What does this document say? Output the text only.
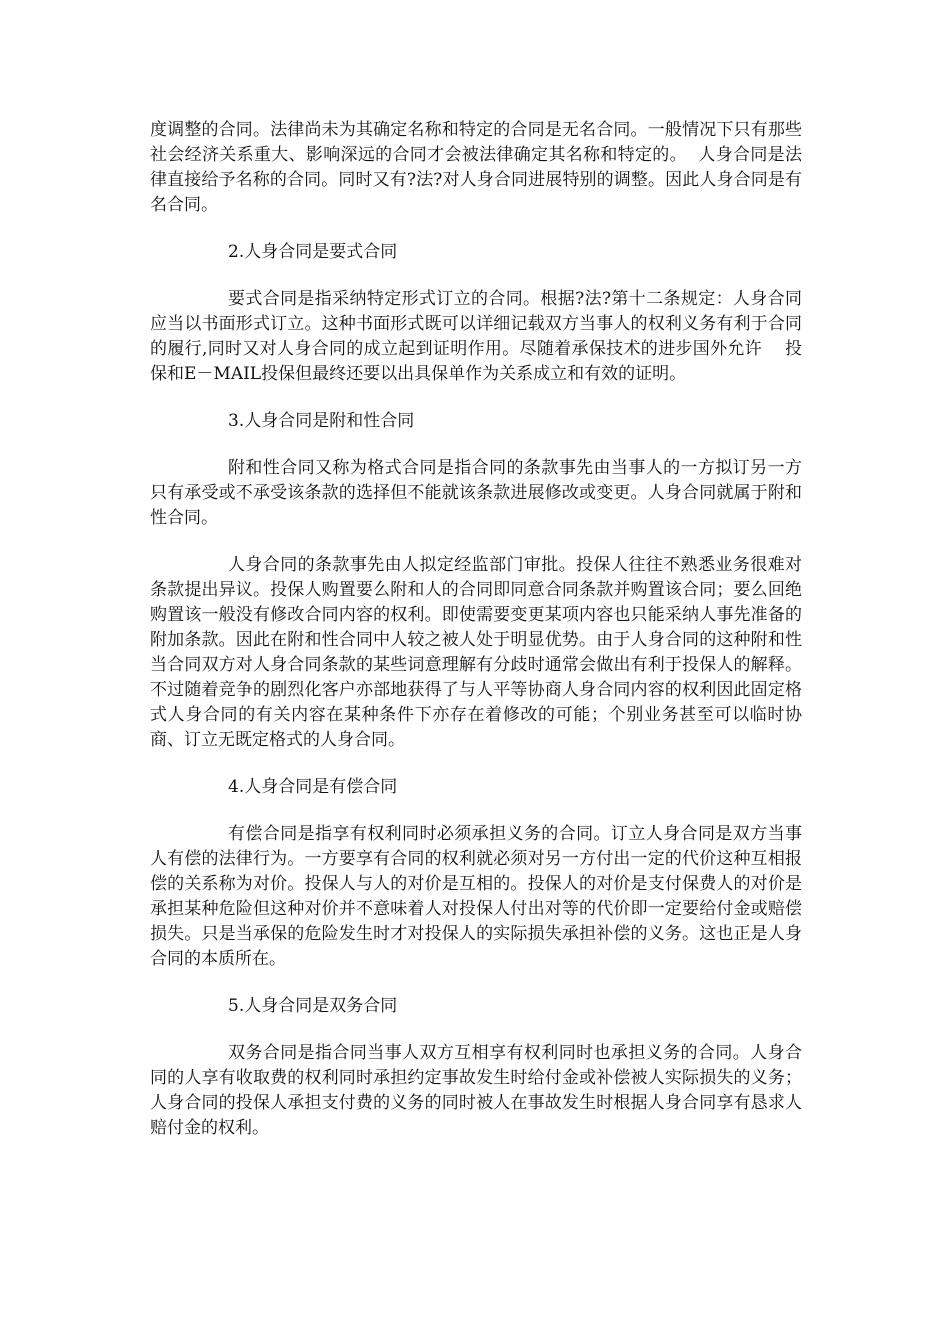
度调整的合同。法律尚未为其确定名称和特定的合同是无名合同。一般情况下只有那些社会经济关系重大、影响深远的合同才会被法律确定其名称和特定的。  人身合同是法律直接给予名称的合同。同时又有?法?对人身合同进展特别的调整。因此人身合同是有名合同。

2.人身合同是要式合同

要式合同是指采纳特定形式订立的合同。根据?法?第十二条规定：人身合同应当以书面形式订立。这种书面形式既可以详细记载双方当事人的权利义务有利于合同的履行,同时又对人身合同的成立起到证明作用。尽随着承保技术的进步国外允许    投保和E－MAIL投保但最终还要以出具保单作为关系成立和有效的证明。

3.人身合同是附和性合同

附和性合同又称为格式合同是指合同的条款事先由当事人的一方拟订另一方只有承受或不承受该条款的选择但不能就该条款进展修改或变更。人身合同就属于附和性合同。

人身合同的条款事先由人拟定经监部门审批。投保人往往不熟悉业务很难对条款提出异议。投保人购置要么附和人的合同即同意合同条款并购置该合同；要么回绝购置该一般没有修改合同内容的权利。即使需要变更某项内容也只能采纳人事先准备的附加条款。因此在附和性合同中人较之被人处于明显优势。由于人身合同的这种附和性当合同双方对人身合同条款的某些词意理解有分歧时通常会做出有利于投保人的解释。不过随着竞争的剧烈化客户亦部地获得了与人平等协商人身合同内容的权利因此固定格式人身合同的有关内容在某种条件下亦存在着修改的可能；个别业务甚至可以临时协商、订立无既定格式的人身合同。

4.人身合同是有偿合同

有偿合同是指享有权利同时必须承担义务的合同。订立人身合同是双方当事人有偿的法律行为。一方要享有合同的权利就必须对另一方付出一定的代价这种互相报偿的关系称为对价。投保人与人的对价是互相的。投保人的对价是支付保费人的对价是承担某种危险但这种对价并不意味着人对投保人付出对等的代价即一定要给付金或赔偿损失。只是当承保的危险发生时才对投保人的实际损失承担补偿的义务。这也正是人身合同的本质所在。

5.人身合同是双务合同

双务合同是指合同当事人双方互相享有权利同时也承担义务的合同。人身合同的人享有收取费的权利同时承担约定事故发生时给付金或补偿被人实际损失的义务；人身合同的投保人承担支付费的义务的同时被人在事故发生时根据人身合同享有恳求人赔付金的权利。
